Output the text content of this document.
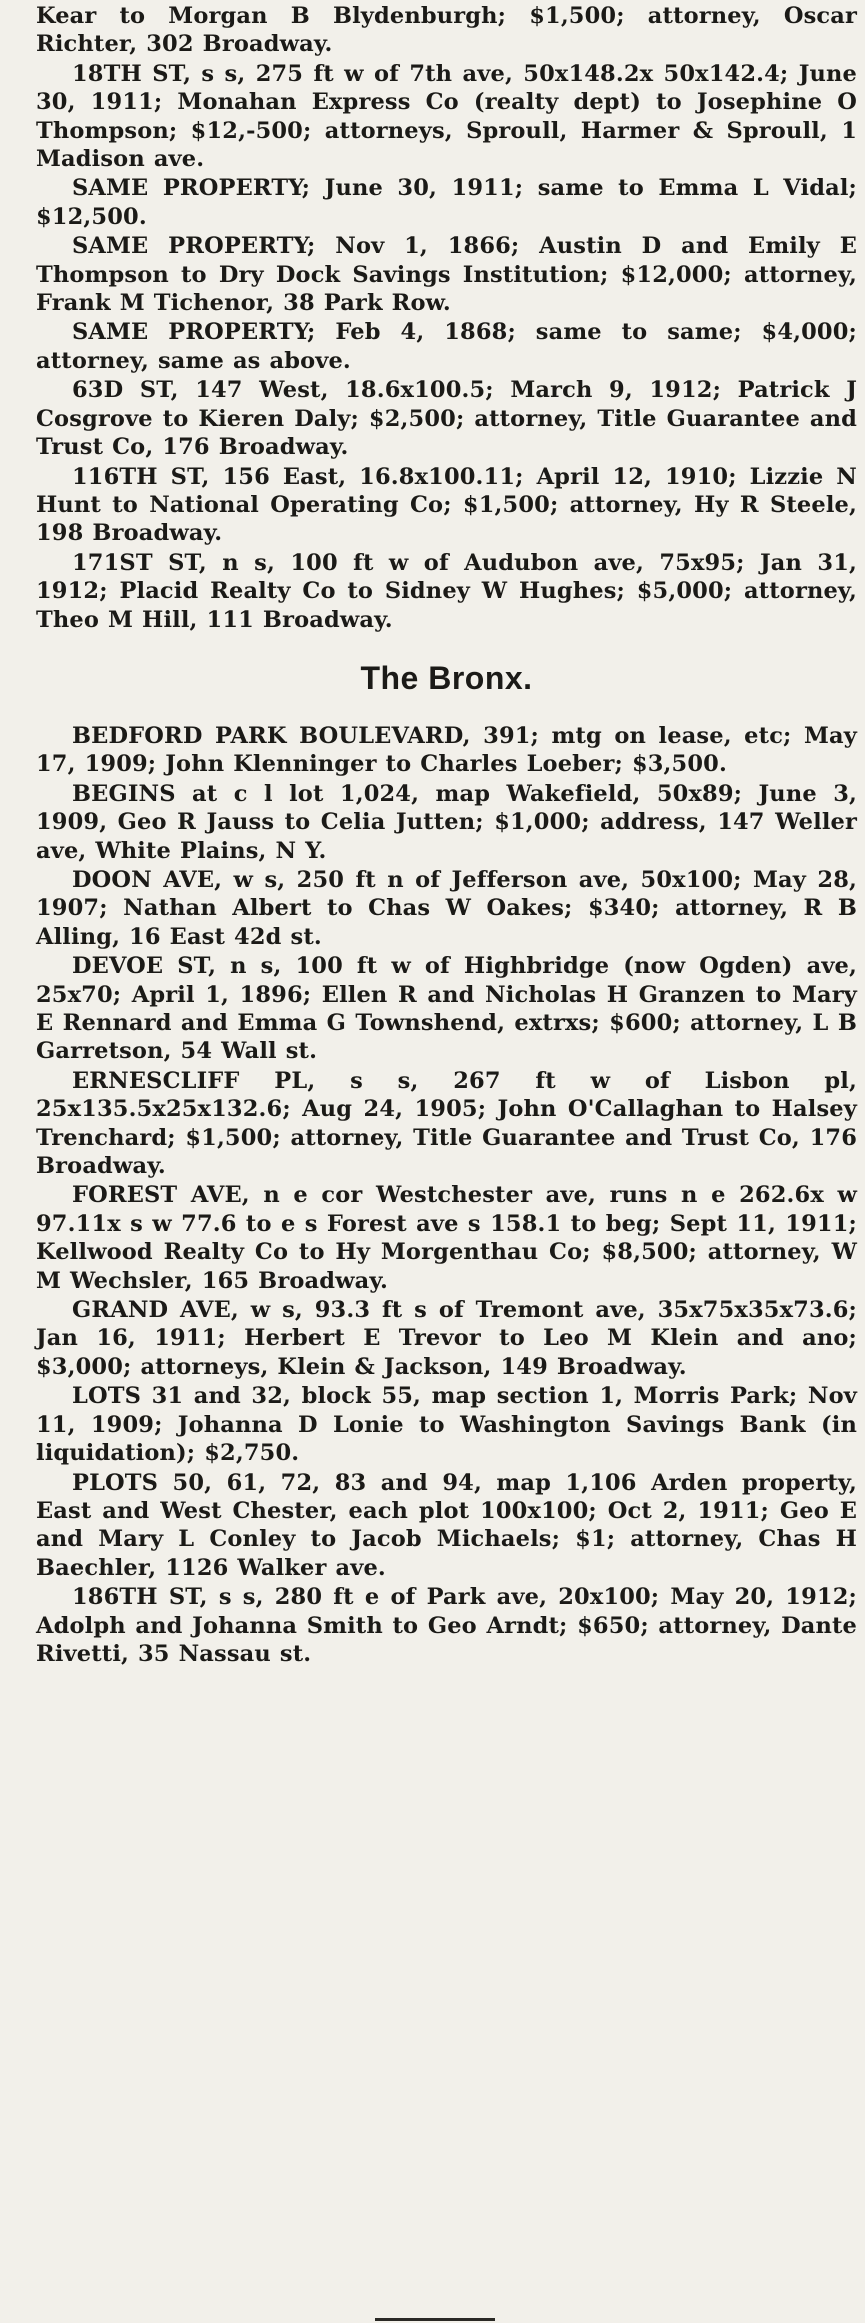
Kear to Morgan B Blydenburgh; $1,500; attorney, Oscar Richter, 302 Broadway.

18TH ST, s s, 275 ft w of 7th ave, 50x148.2x 50x142.4; June 30, 1911; Monahan Express Co (realty dept) to Josephine O Thompson; $12,-500; attorneys, Sproull, Harmer & Sproull, 1 Madison ave.

SAME PROPERTY; June 30, 1911; same to Emma L Vidal; $12,500.

SAME PROPERTY; Nov 1, 1866; Austin D and Emily E Thompson to Dry Dock Savings Institution; $12,000; attorney, Frank M Tichenor, 38 Park Row.

SAME PROPERTY; Feb 4, 1868; same to same; $4,000; attorney, same as above.

63D ST, 147 West, 18.6x100.5; March 9, 1912; Patrick J Cosgrove to Kieren Daly; $2,500; attorney, Title Guarantee and Trust Co, 176 Broadway.

116TH ST, 156 East, 16.8x100.11; April 12, 1910; Lizzie N Hunt to National Operating Co; $1,500; attorney, Hy R Steele, 198 Broadway.

171ST ST, n s, 100 ft w of Audubon ave, 75x95; Jan 31, 1912; Placid Realty Co to Sidney W Hughes; $5,000; attorney, Theo M Hill, 111 Broadway.

The Bronx.

BEDFORD PARK BOULEVARD, 391; mtg on lease, etc; May 17, 1909; John Klenninger to Charles Loeber; $3,500.

BEGINS at c l lot 1,024, map Wakefield, 50x89; June 3, 1909, Geo R Jauss to Celia Jutten; $1,000; address, 147 Weller ave, White Plains, N Y.

DOON AVE, w s, 250 ft n of Jefferson ave, 50x100; May 28, 1907; Nathan Albert to Chas W Oakes; $340; attorney, R B Alling, 16 East 42d st.

DEVOE ST, n s, 100 ft w of Highbridge (now Ogden) ave, 25x70; April 1, 1896; Ellen R and Nicholas H Granzen to Mary E Rennard and Emma G Townshend, extrxs; $600; attorney, L B Garretson, 54 Wall st.

ERNESCLIFF PL, s s, 267 ft w of Lisbon pl, 25x135.5x25x132.6; Aug 24, 1905; John O'Callaghan to Halsey Trenchard; $1,500; attorney, Title Guarantee and Trust Co, 176 Broadway.

FOREST AVE, n e cor Westchester ave, runs n e 262.6x w 97.11x s w 77.6 to e s Forest ave s 158.1 to beg; Sept 11, 1911; Kellwood Realty Co to Hy Morgenthau Co; $8,500; attorney, W M Wechsler, 165 Broadway.

GRAND AVE, w s, 93.3 ft s of Tremont ave, 35x75x35x73.6; Jan 16, 1911; Herbert E Trevor to Leo M Klein and ano; $3,000; attorneys, Klein & Jackson, 149 Broadway.

LOTS 31 and 32, block 55, map section 1, Morris Park; Nov 11, 1909; Johanna D Lonie to Washington Savings Bank (in liquidation); $2,750.

PLOTS 50, 61, 72, 83 and 94, map 1,106 Arden property, East and West Chester, each plot 100x100; Oct 2, 1911; Geo E and Mary L Conley to Jacob Michaels; $1; attorney, Chas H Baechler, 1126 Walker ave.

186TH ST, s s, 280 ft e of Park ave, 20x100; May 20, 1912; Adolph and Johanna Smith to Geo Arndt; $650; attorney, Dante Rivetti, 35 Nassau st.
